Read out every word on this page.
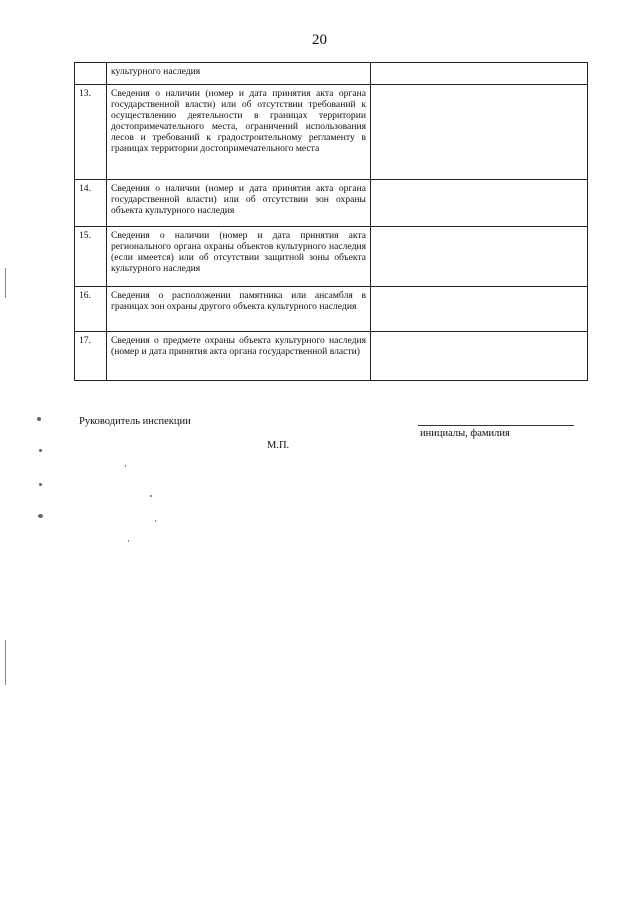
20
	культурного наследия	
13.	Сведения о наличии (номер и дата принятия акта органа государственной власти) или об отсутствии требований к осуществлению деятельности в границах территории достопримечательного места, ограничений использования лесов и требований к градостроительному регламенту в границах территории достопримечательного места	
14.	Сведения о наличии (номер и дата принятия акта органа государственной власти) или об отсутствии зон охраны объекта культурного наследия	
15.	Сведения о наличии (номер и дата принятия акта регионального органа охраны объектов культурного наследия (если имеется) или об отсутствии защитной зоны объекта культурного наследия	
16.	Сведения о расположении памятника или ансамбля в границах зон охраны другого объекта культурного наследия	
17.	Сведения о предмете охраны объекта культурного наследия (номер и дата принятия акта органа государственной власти)	
Руководитель инспекции
инициалы, фамилия
М.П.
